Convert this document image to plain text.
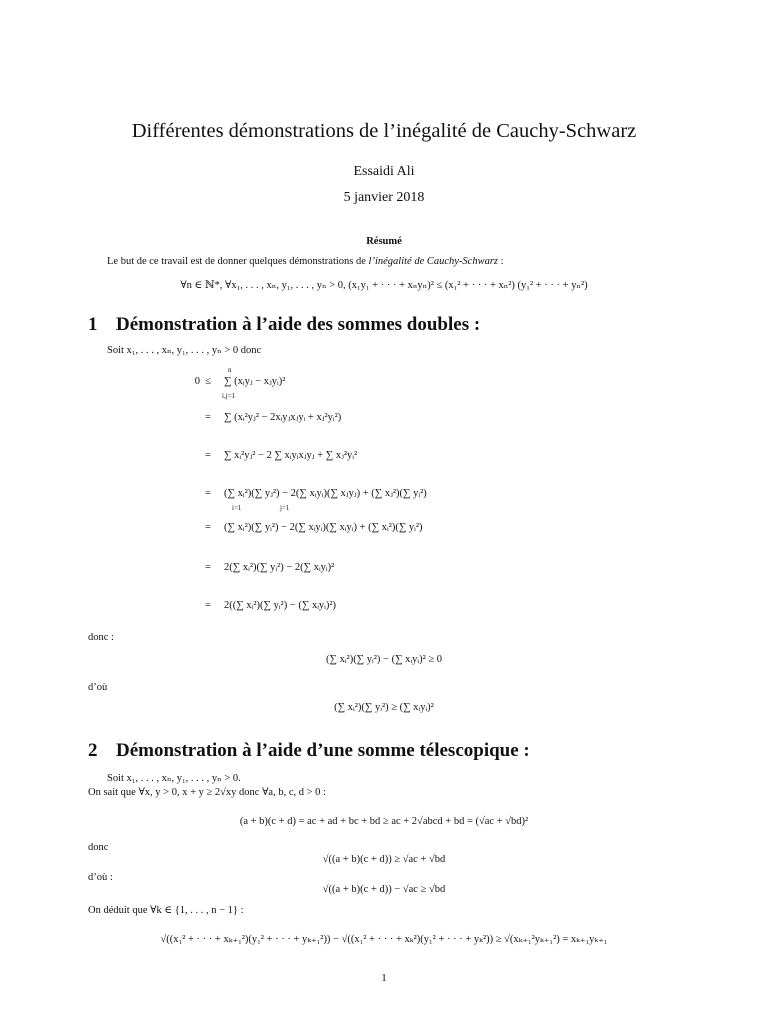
Différentes démonstrations de l’inégalité de Cauchy-Schwarz
Essaidi Ali
5 janvier 2018
Résumé
Le but de ce travail est de donner quelques démonstrations de l’inégalité de Cauchy-Schwarz :
∀n ∈ ℕ*, ∀x₁, . . . , xₙ, y₁, . . . , yₙ > 0, (x₁y₁ + · · · + xₙyₙ)² ≤ (x₁² + · · · + xₙ²) (y₁² + · · · + yₙ²)
1 Démonstration à l’aide des sommes doubles :
Soit x₁, . . . , xₙ, y₁, . . . , yₙ > 0 donc
0 ≤	∑ (xᵢyⱼ − xⱼyᵢ)²
=	∑ (xᵢ²yⱼ² − 2xᵢyⱼxⱼyᵢ + xⱼ²yᵢ²)
=	∑ xᵢ²yⱼ² − 2 ∑ xᵢyᵢxⱼyⱼ + ∑ xⱼ²yᵢ²
=	(∑ xᵢ²)(∑ yⱼ²) − 2(∑ xᵢyᵢ)(∑ xⱼyⱼ) + (∑ xⱼ²)(∑ yᵢ²)
=	(∑ xᵢ²)(∑ yᵢ²) − 2(∑ xᵢyᵢ)(∑ xᵢyᵢ) + (∑ xᵢ²)(∑ yᵢ²)
=	2(∑ xᵢ²)(∑ yᵢ²) − 2(∑ xᵢyᵢ)²
=	2((∑ xᵢ²)(∑ yᵢ²) − (∑ xᵢyᵢ)²)
n
i,j=1
i=1	j=1
donc :
(∑ xᵢ²)(∑ yᵢ²) − (∑ xᵢyᵢ)² ≥ 0
d’où
(∑ xᵢ²)(∑ yᵢ²) ≥ (∑ xᵢyᵢ)²
2 Démonstration à l’aide d’une somme télescopique :
Soit x₁, . . . , xₙ, y₁, . . . , yₙ > 0.
On sait que ∀x, y > 0, x + y ≥ 2√xy donc ∀a, b, c, d > 0 :
(a + b)(c + d) = ac + ad + bc + bd ≥ ac + 2√abcd + bd = (√ac + √bd)²
donc
√((a + b)(c + d)) ≥ √ac + √bd
d’où :
√((a + b)(c + d)) − √ac ≥ √bd
On déduit que ∀k ∈ {1, . . . , n − 1} :
√((x₁² + · · · + xₖ₊₁²)(y₁² + · · · + yₖ₊₁²)) − √((x₁² + · · · + xₖ²)(y₁² + · · · + yₖ²)) ≥ √(xₖ₊₁²yₖ₊₁²) = xₖ₊₁yₖ₊₁
1
